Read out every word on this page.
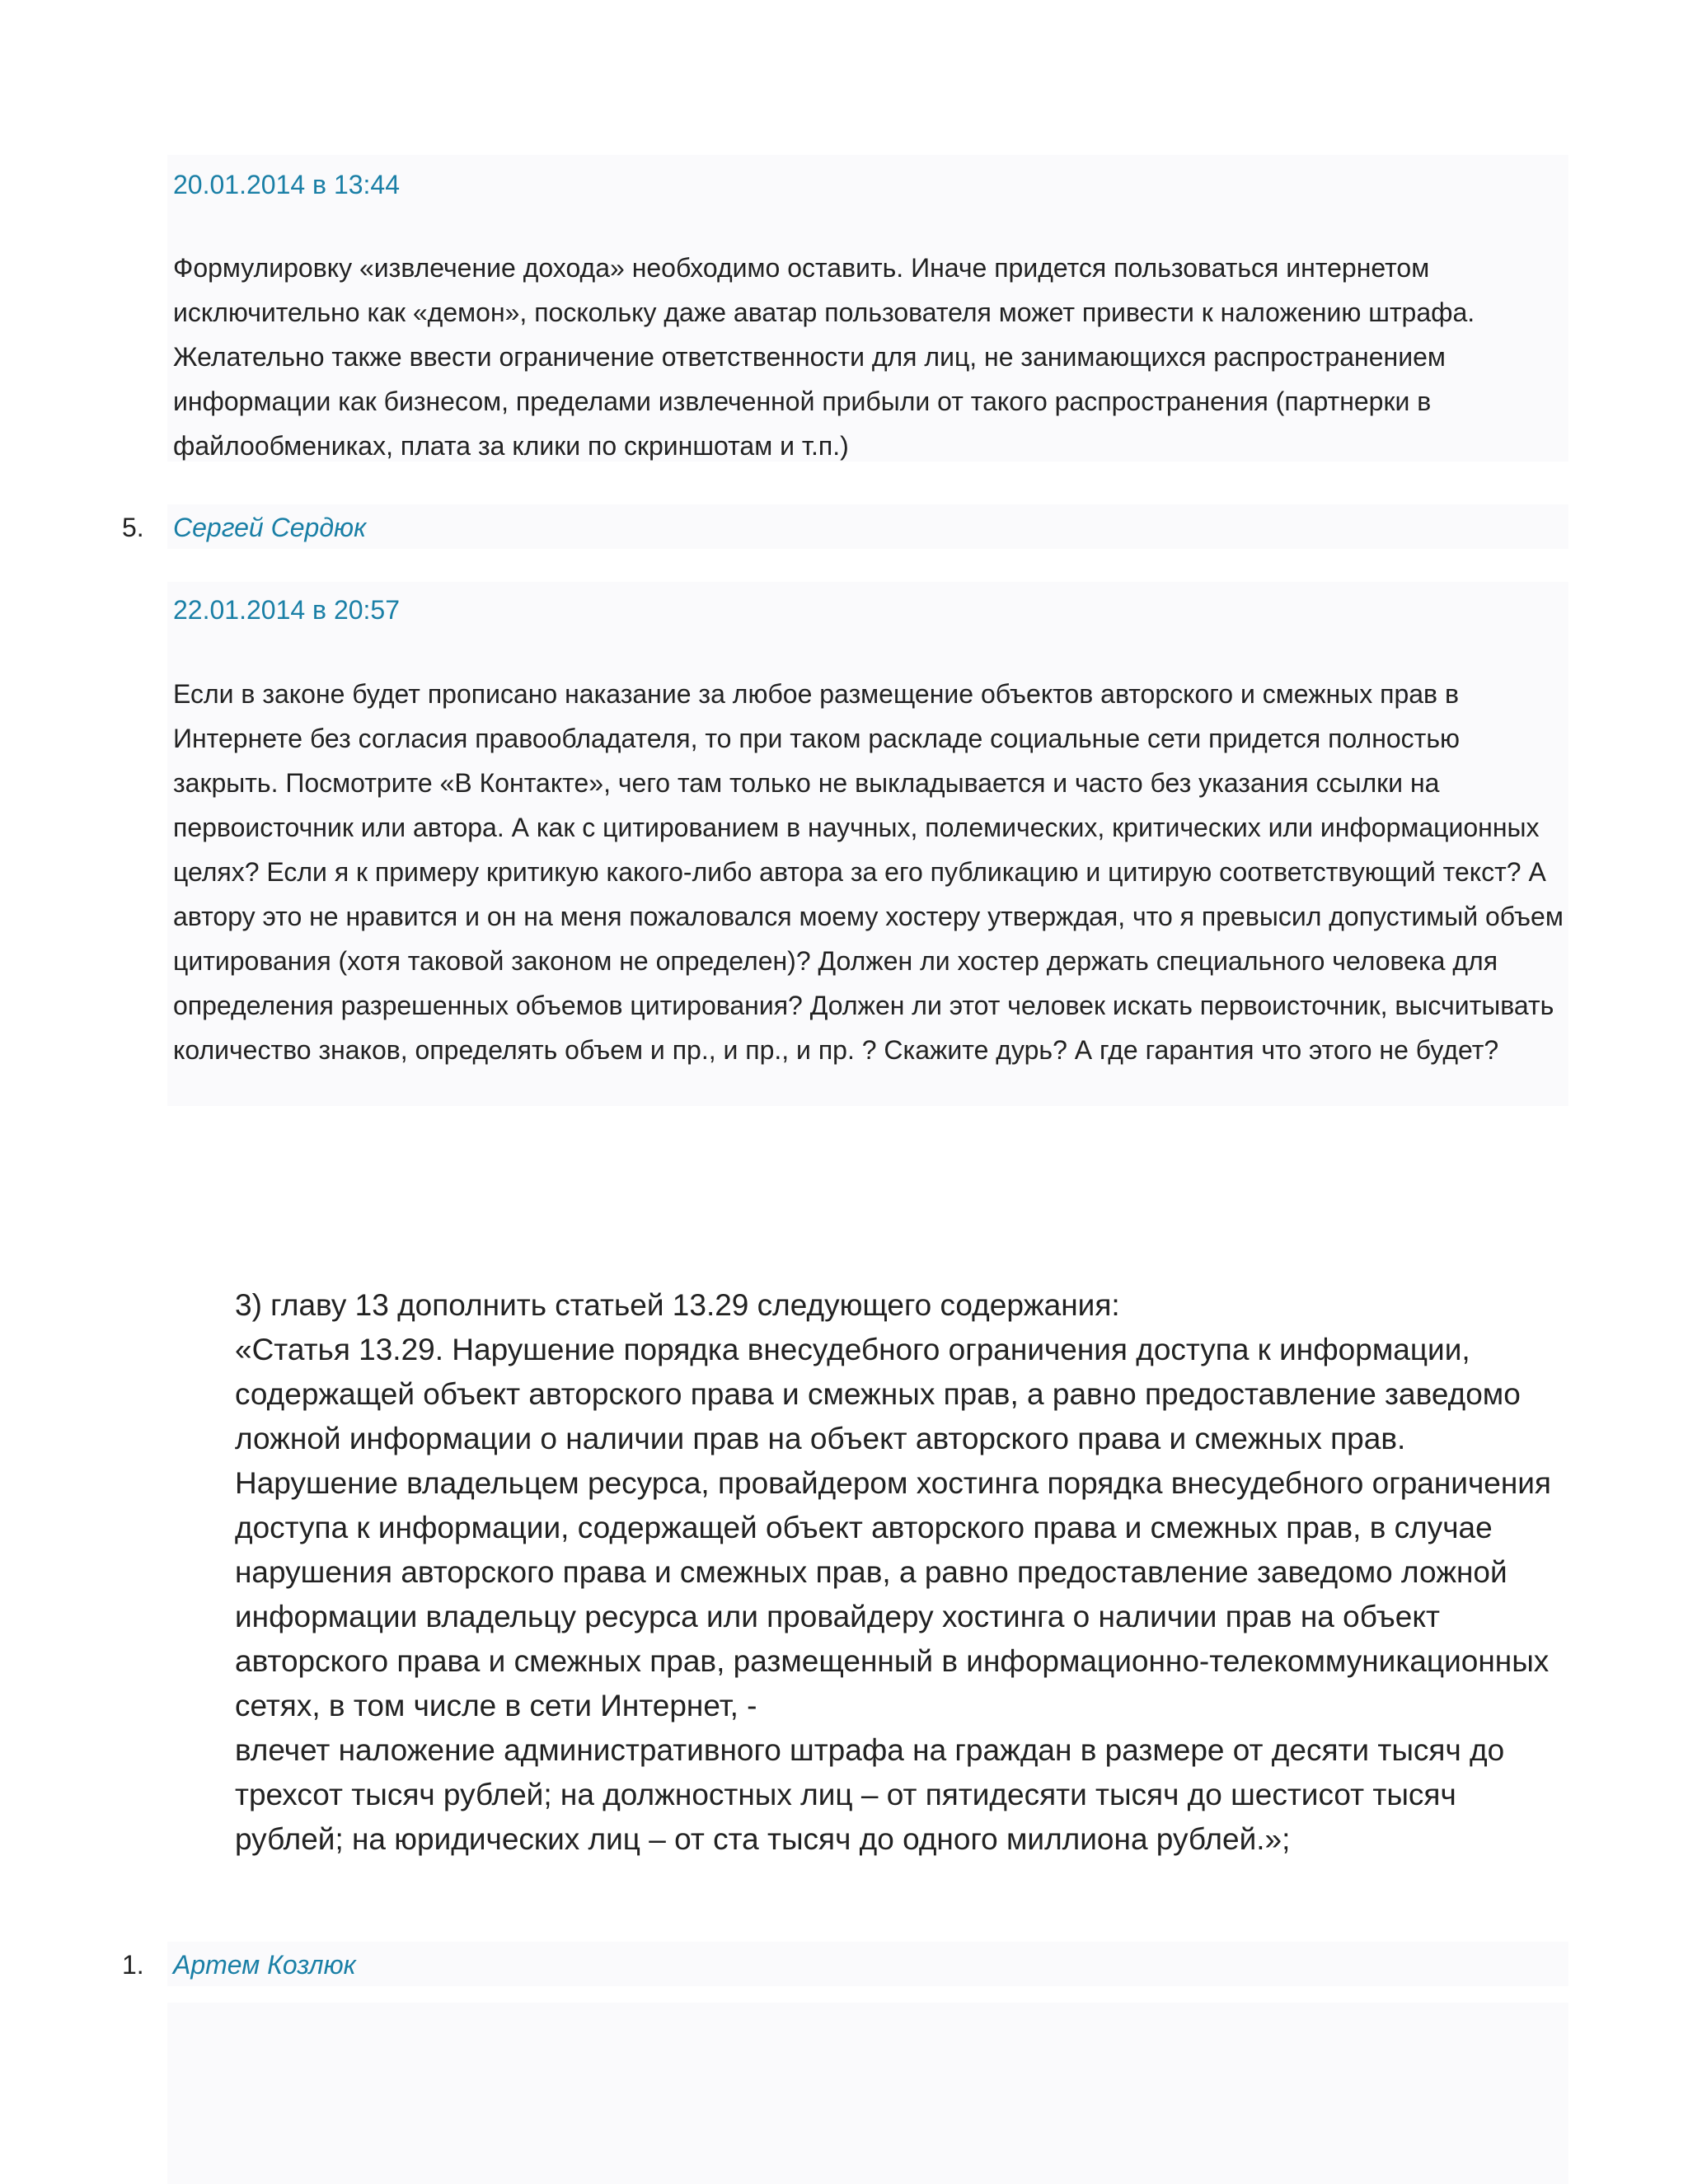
20.01.2014 в 13:44

Формулировку «извлечение дохода» необходимо оставить. Иначе придется пользоваться интернетом исключительно как «демон», поскольку даже аватар пользователя может привести к наложению штрафа. Желательно также ввести ограничение ответственности для лиц, не занимающихся распространением информации как бизнесом, пределами извлеченной прибыли от такого распространения (партнерки в файлообмениках, плата за клики по скриншотам и т.п.)

5. Сергей Сердюк
22.01.2014 в 20:57

Если в законе будет прописано наказание за любое размещение объектов авторского и смежных прав в Интернете без согласия правообладателя, то при таком раскладе социальные сети придется полностью закрыть. Посмотрите «В Контакте», чего там только не выкладывается и часто без указания ссылки на первоисточник или автора. А как с цитированием в научных, полемических, критических или информационных целях? Если я к примеру критикую какого-либо автора за его публикацию и цитирую соответствующий текст? А автору это не нравится и он на меня пожаловался моему хостеру утверждая, что я превысил допустимый объем цитирования (хотя таковой законом не определен)? Должен ли хостер держать специального человека для определения разрешенных объемов цитирования? Должен ли этот человек искать первоисточник, высчитывать количество знаков, определять объем и пр., и пр., и пр. ? Скажите дурь? А где гарантия что этого не будет?

3) главу 13 дополнить статьей 13.29 следующего содержания:

«Статья 13.29. Нарушение порядка внесудебного ограничения доступа к информации, содержащей объект авторского права и смежных прав, а равно предоставление заведомо ложной информации о наличии прав на объект авторского права и смежных прав.

Нарушение владельцем ресурса, провайдером хостинга порядка внесудебного ограничения доступа к информации, содержащей объект авторского права и смежных прав, в случае нарушения авторского права и смежных прав, а равно предоставление заведомо ложной информации владельцу ресурса или провайдеру хостинга о наличии прав на объект авторского права и смежных прав, размещенный в информационно-телекоммуникационных сетях, в том числе в сети Интернет, -

влечет наложение административного штрафа на граждан в размере от десяти тысяч до трехсот тысяч рублей; на должностных лиц – от пятидесяти тысяч до шестисот тысяч рублей; на юридических лиц – от ста тысяч до одного миллиона рублей.»;

1. Артем Козлюк
